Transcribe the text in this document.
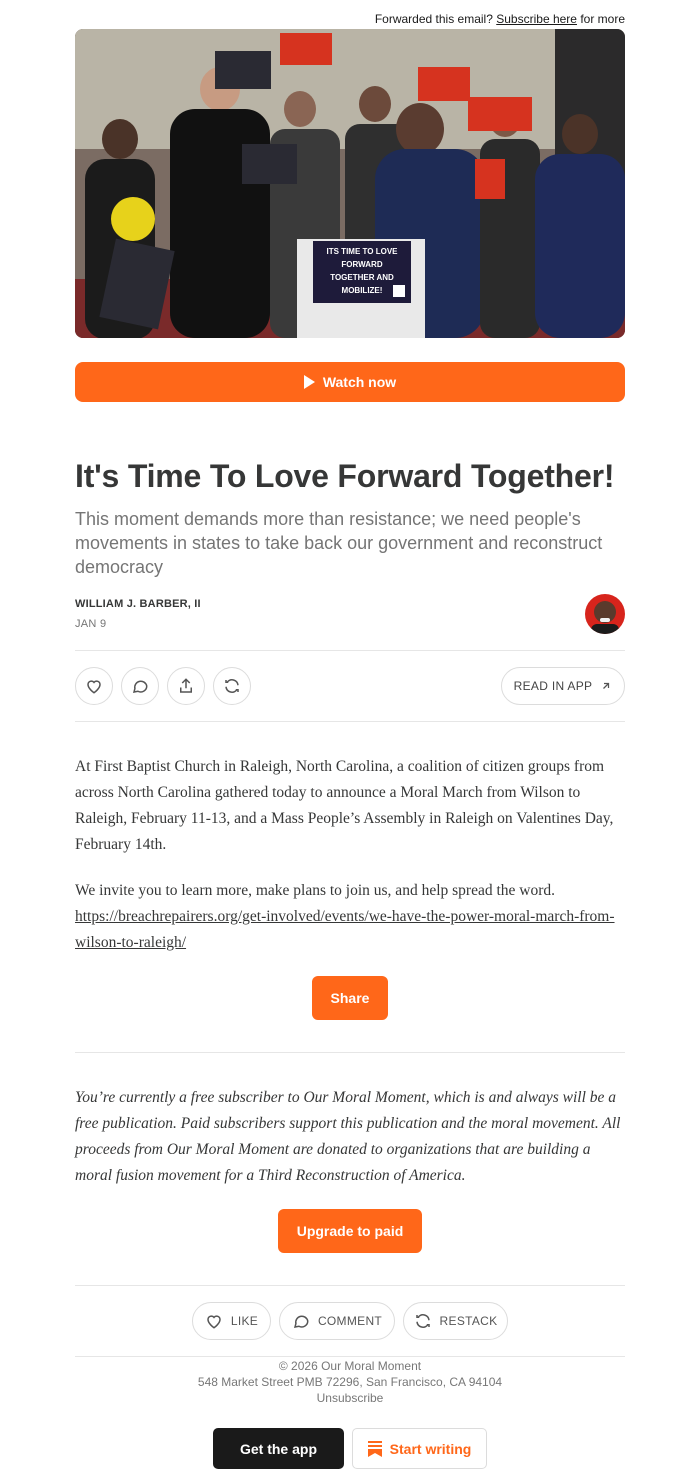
Forwarded this email? Subscribe here for more
ITS TIME TO LOVE
FORWARD
TOGETHER AND
MOBILIZE!
Watch now
It's Time To Love Forward Together!

This moment demands more than resistance; we need people's movements in states to take back our government and reconstruct democracy

WILLIAM J. BARBER, II
JAN 9
READ IN APP

At First Baptist Church in Raleigh, North Carolina, a coalition of citizen groups from across North Carolina gathered today to announce a Moral March from Wilson to Raleigh, February 11-13, and a Mass People’s Assembly in Raleigh on Valentines Day, February 14th.

We invite you to learn more, make plans to join us, and help spread the word.
https://breachrepairers.org/get-involved/events/we-have-the-power-moral-march-from-wilson-to-raleigh/
Share

You’re currently a free subscriber to Our Moral Moment, which is and always will be a free publication. Paid subscribers support this publication and the moral movement. All proceeds from Our Moral Moment are donated to organizations that are building a moral fusion movement for a Third Reconstruction of America.

Upgrade to paid
LIKE	COMMENT	RESTACK
© 2026 Our Moral Moment
548 Market Street PMB 72296, San Francisco, CA 94104
Unsubscribe
Get the app	Start writing
